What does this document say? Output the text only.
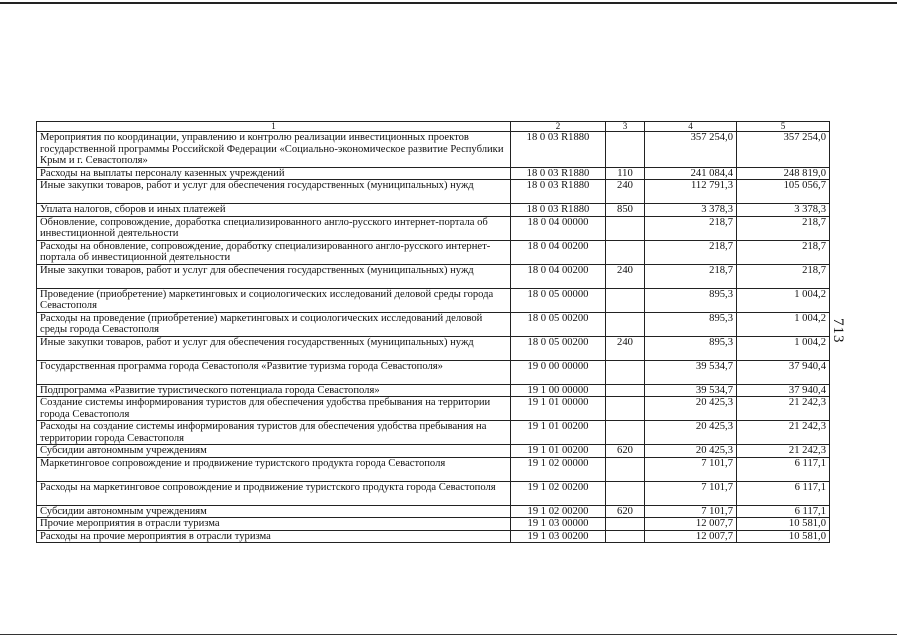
1	2	3	4	5
Мероприятия по координации, управлению и контролю реализации инвестиционных проектов государственной программы Российской Федерации «Социально-экономическое развитие Республики Крым и г. Севастополя»	18 0 03 R1880		357 254,0	357 254,0
Расходы на выплаты персоналу казенных учреждений	18 0 03 R1880	110	241 084,4	248 819,0
Иные закупки товаров, работ и услуг для обеспечения государственных (муниципальных) нужд	18 0 03 R1880	240	112 791,3	105 056,7
Уплата налогов, сборов и иных платежей	18 0 03 R1880	850	3 378,3	3 378,3
Обновление, сопровождение, доработка специализированного англо-русского интернет-портала об инвестиционной деятельности	18 0 04 00000		218,7	218,7
Расходы на обновление, сопровождение, доработку специализированного англо-русского интернет-портала об инвестиционной деятельности	18 0 04 00200		218,7	218,7
Иные закупки товаров, работ и услуг для обеспечения государственных (муниципальных) нужд	18 0 04 00200	240	218,7	218,7
Проведение (приобретение) маркетинговых и социологических исследований деловой среды города Севастополя	18 0 05 00000		895,3	1 004,2
Расходы на проведение (приобретение) маркетинговых и социологических исследований деловой среды города Севастополя	18 0 05 00200		895,3	1 004,2
Иные закупки товаров, работ и услуг для обеспечения государственных (муниципальных) нужд	18 0 05 00200	240	895,3	1 004,2
Государственная программа города Севастополя «Развитие туризма города Севастополя»	19 0 00 00000		39 534,7	37 940,4
Подпрограмма «Развитие туристического потенциала города Севастополя»	19 1 00 00000		39 534,7	37 940,4
Создание системы информирования туристов для обеспечения удобства пребывания на территории города Севастополя	19 1 01 00000		20 425,3	21 242,3
Расходы на создание системы информирования туристов для обеспечения удобства пребывания на территории города Севастополя	19 1 01 00200		20 425,3	21 242,3
Субсидии автономным учреждениям	19 1 01 00200	620	20 425,3	21 242,3
Маркетинговое сопровождение и продвижение туристского продукта города Севастополя	19 1 02 00000		7 101,7	6 117,1
Расходы на маркетинговое сопровождение и продвижение туристского продукта города Севастополя	19 1 02 00200		7 101,7	6 117,1
Субсидии автономным учреждениям	19 1 02 00200	620	7 101,7	6 117,1
Прочие мероприятия в отрасли туризма	19 1 03 00000		12 007,7	10 581,0
Расходы на прочие мероприятия в отрасли туризма	19 1 03 00200		12 007,7	10 581,0
713
